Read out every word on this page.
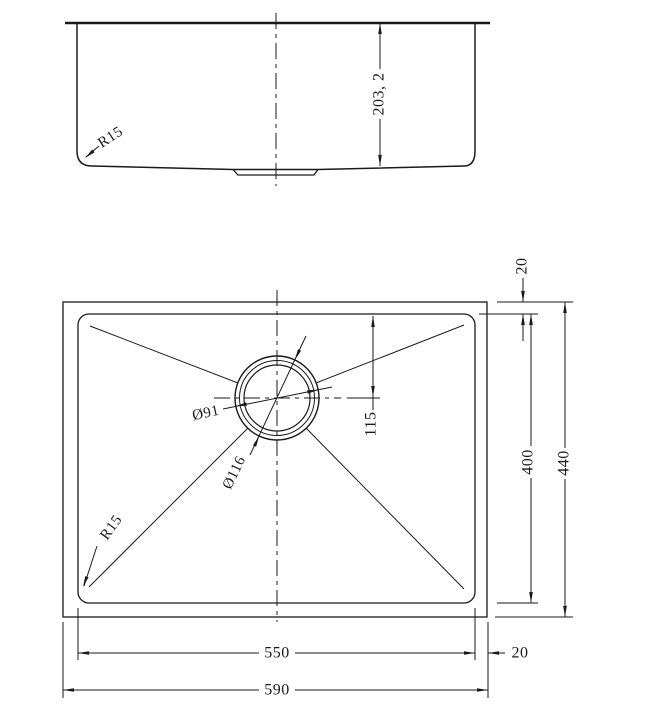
203, 2
R15
Ø91
Ø116
R15
115
20
400 440
550	20
590
